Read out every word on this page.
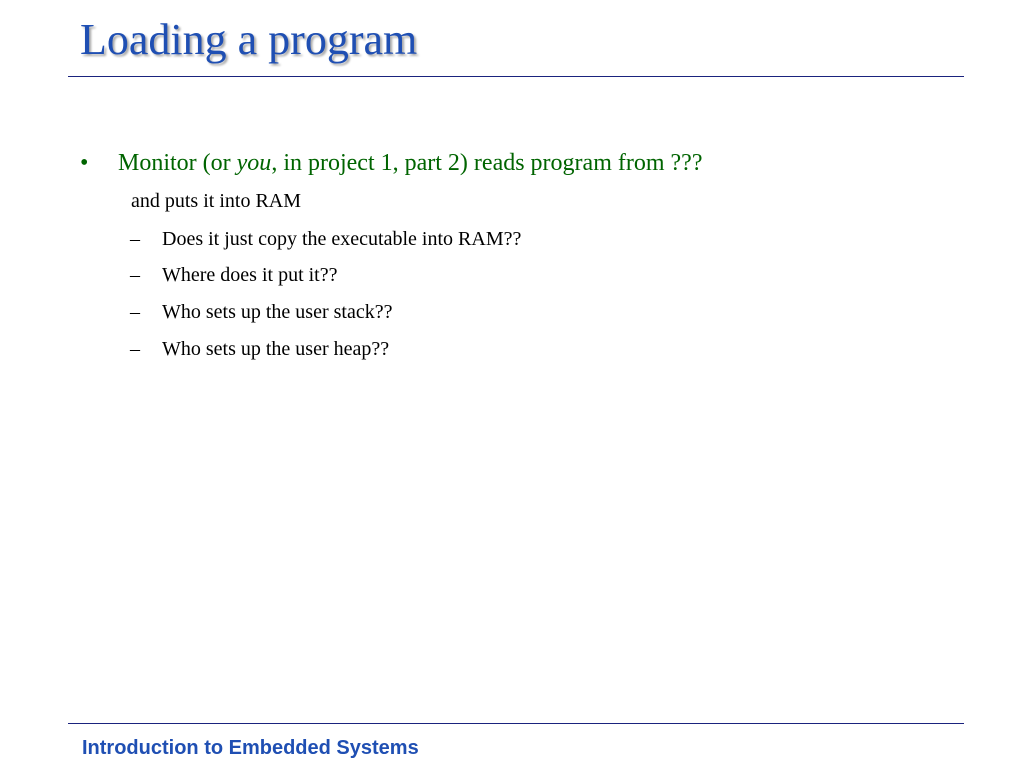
Loading a program
• Monitor (or you, in project 1, part 2) reads program from ???
and puts it into RAM
– Does it just copy the executable into RAM??
– Where does it put it??
– Who sets up the user stack??
– Who sets up the user heap??
Introduction to Embedded Systems
